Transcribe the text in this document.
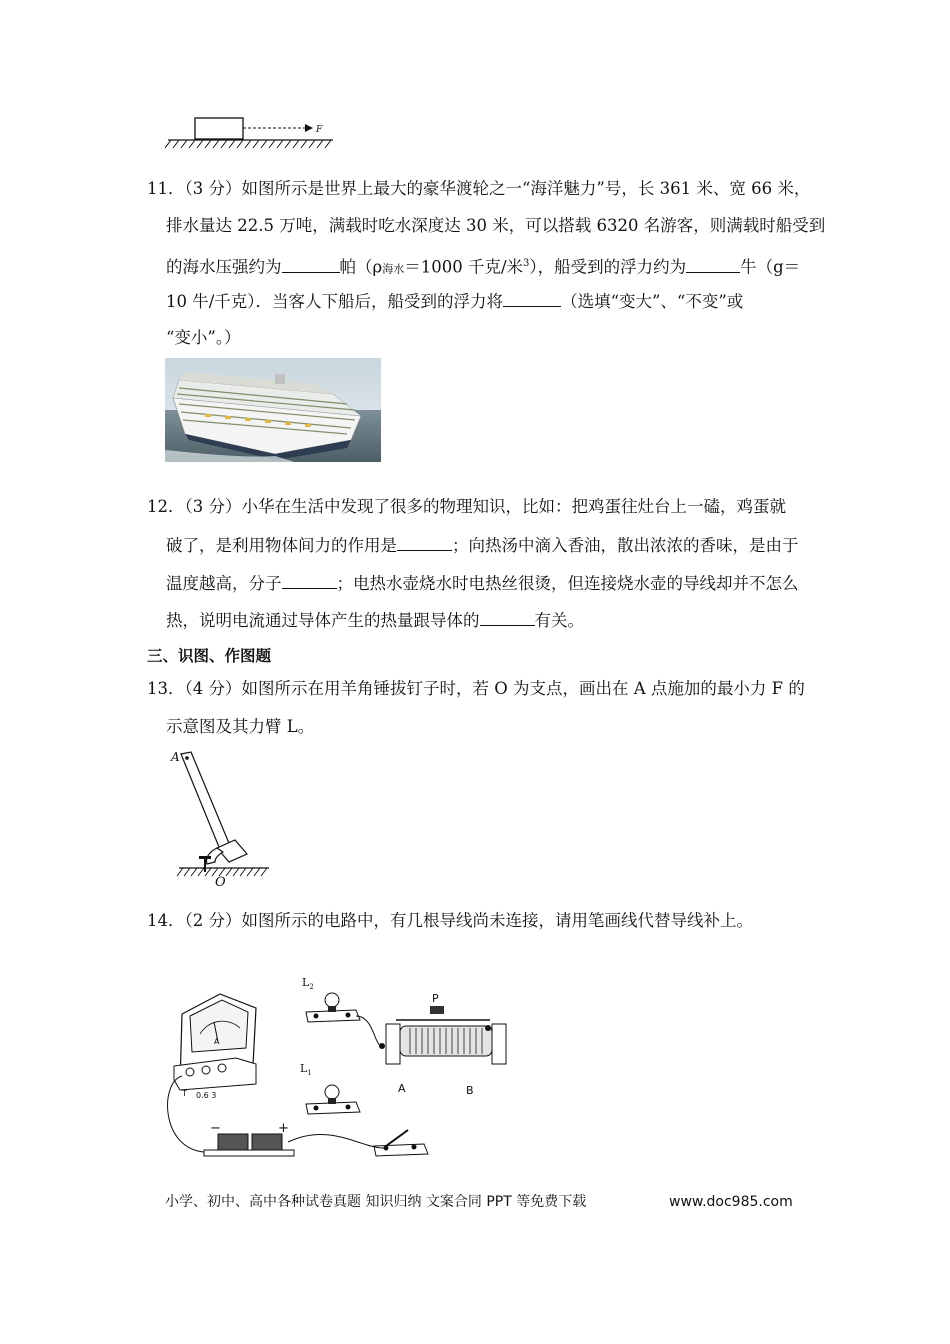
F
11．（3 分）如图所示是世界上最大的豪华渡轮之一“海洋魅力”号，长 361 米、宽 66 米，
排水量达 22.5 万吨，满载时吃水深度达 30 米，可以搭载 6320 名游客，则满载时船受到
的海水压强约为	帕（ρ海水＝1000 千克/米$^3$），船受到的浮力约为	牛（g＝
10 牛/千克）．当客人下船后，船受到的浮力将	（选填“变大”、“不变”或
“变小”。）
12．（3 分）小华在生活中发现了很多的物理知识，比如：把鸡蛋往灶台上一磕，鸡蛋就
破了，是利用物体间力的作用是	；向热汤中滴入香油，散出浓浓的香味，是由于
温度越高，分子	；电热水壶烧水时电热丝很烫，但连接烧水壶的导线却并不怎么
热，说明电流通过导体产生的热量跟导体的	有关。
三、识图、作图题
13．（4 分）如图所示在用羊角锤拔钉子时，若 O 为支点，画出在 A 点施加的最小力 F 的
示意图及其力臂 L。
A
O
14．（2 分）如图所示的电路中，有几根导线尚未连接，请用笔画线代替导线补上。
A
0.6 3
T
$L_2$
$L_1$
P
A	B
−	+
小学、初中、高中各种试卷真题 知识归纳 文案合同 PPT 等免费下载	www.doc985.com
